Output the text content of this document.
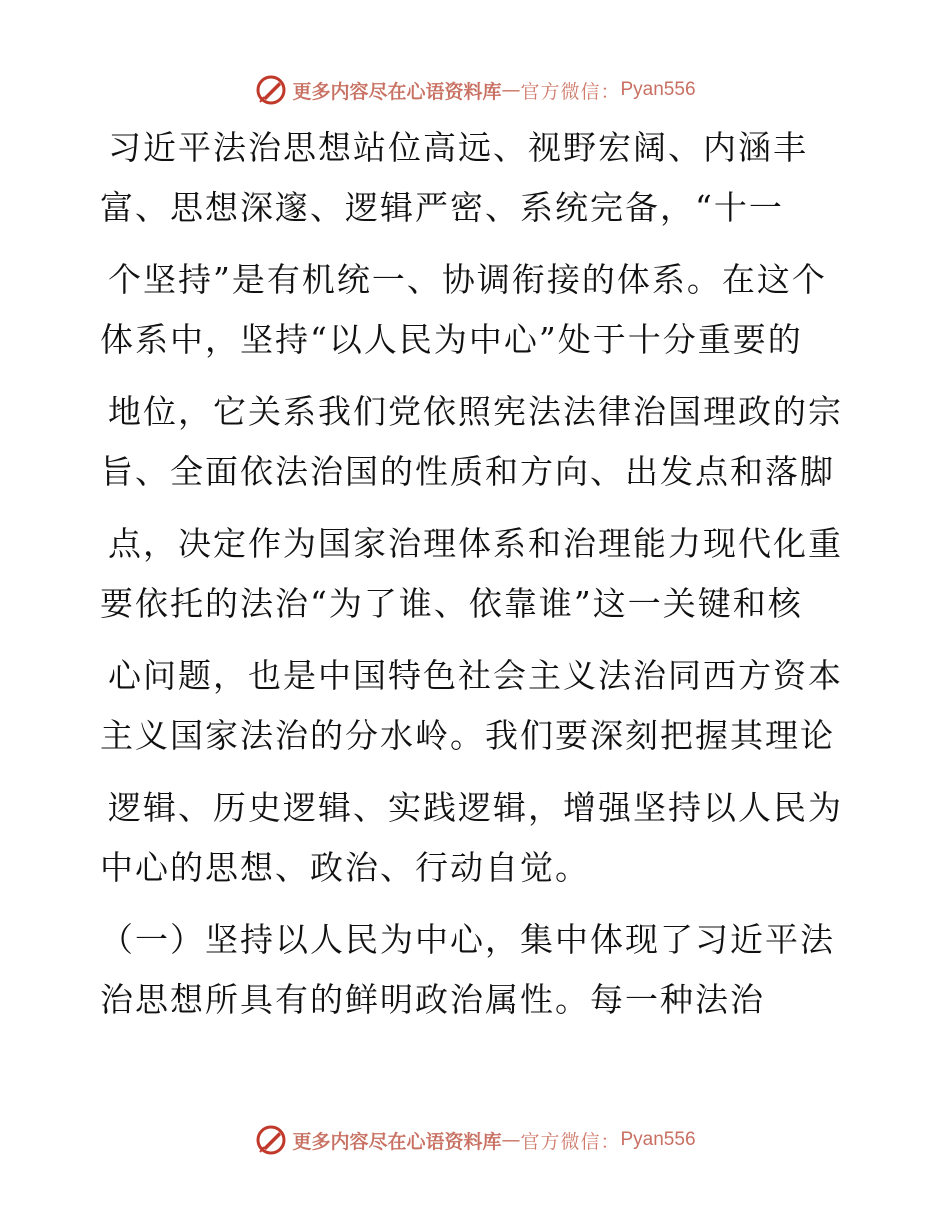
更多内容尽在心语资料库 — 官方微信： Pyan556
习近平法治思想站位高远、视野宏阔、内涵丰
富、思想深邃、逻辑严密、系统完备，“十一
个坚持”是有机统一、协调衔接的体系。在这个
体系中，坚持“以人民为中心”处于十分重要的
地位，它关系我们党依照宪法法律治国理政的宗
旨、全面依法治国的性质和方向、出发点和落脚
点，决定作为国家治理体系和治理能力现代化重
要依托的法治“为了谁、依靠谁”这一关键和核
心问题，也是中国特色社会主义法治同西方资本
主义国家法治的分水岭。我们要深刻把握其理论
逻辑、历史逻辑、实践逻辑，增强坚持以人民为
中心的思想、政治、行动自觉。
（一）坚持以人民为中心，集中体现了习近平法
治思想所具有的鲜明政治属性。每一种法治
更多内容尽在心语资料库 — 官方微信： Pyan556
